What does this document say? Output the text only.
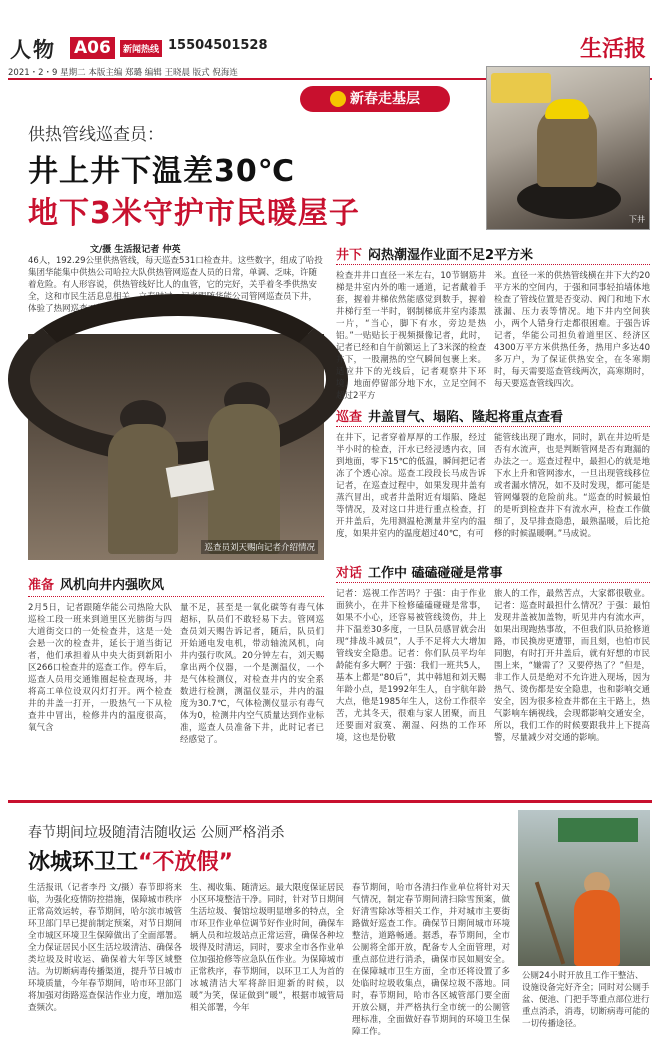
人物 A06	新闻热线 15504501528	生活报
2021・2・9 星期二 本版主编 郑璐 编辑 王晓晨 版式 倪海连
新春走基层
供热管线巡查员：
井上井下温差30℃
地下3米守护市民暖屋子	下井
文/摄 生活报记者 仲英
46人，192.29公里供热管线，每天巡查531口检查井。这些数字，组成了哈投集团华能集中供热公司哈拉大队供热管网巡查人员的日常，单调、乏味，许随着危险。有人形容说，供热管线好比人的血管，它的完好，关乎着冬季供热安全，这和市民生活息息相关，立春时过，记者跟随华能公司管网巡查员下井，体验了热网巡查工作的艰辛和付出。
巡查员刘天赐向记者介绍情况
准备 风机向井内强吹风
2月5日，记者跟随华能公司热险大队巡检工段一班来到道里区光膀街与四大道街交口的一处检查井，这是一处会悬一次的检查井，延长于道当街记者，他们承担着从中央大街到新阳小区266口检查井的巡查工作。停车后，巡查人员用交通锥圈起检查现场，井将高工单位设双闪灯打开。两个检查井的井盖一打开，一股热气一下从检查井中冒出，检修井内的温度很高，氧气含
量不足，甚至是一氧化碳等有毒气体超标，队员们不敢轻易下去。管网巡查员刘天赐告诉记者，随后，队员们开始通电发电机，带动轴流风机，向井内强行吹风。20分钟左右，刘天赐拿出两个仪器，一个是测温仪，一个是气体检测仪，对检查井内的安全系数进行检测，测温仪显示，井内的温度为30.7℃，气体检测仪显示有毒气体为0，检测井内空气质量达到作业标准，巡查人员准备下井，此时记者已经感觉了。
井下 闷热潮湿作业面不足2平方米
检查井井口直径一米左右，10节钢筋井梯是井室内外的唯一通道，记者戴着手套，握着井梯依然能感觉到数手，握着井梯行至一半时，钢制梯底井室内漆黑一片，“当心，脚下有水，旁边是热铝。”一贴贴长于视频摄像记者，此时，记者已经和自午前额运上了3米深的检查井下，一股潮热的空气瞬间包裹上来。适应井下的光线后，记者观察井下环境，地面停留部分地下水，立足空间不超过2平方
米。直径一米的供热管线横在井下大约20平方米的空间内，于强和同事轻拍墙体地检查了管线位置是否变动、阀门和地下水涨漏、压力表等情况。地下井内空间狭小，两个人错身行走都很困难。于强告诉记者，华能公司担负着道里区、经济区4300万平方米供热任务，热用户多达40多万户，为了保证供热安全，在冬寒期时，每天需要巡查管线两次，高寒期时，每天要巡查管线四次。
巡查 井盖冒气、塌陷、隆起将重点查看
在井下，记者穿着厚厚的工作服，经过半小时的检查，汗水已经浸透内衣，回到地面，零下15℃的低温，瞬间把记者冻了个透心凉。巡查工段段长马成告诉记者，在巡查过程中，如果发现井盖有蒸汽冒出，或者井盖附近有塌陷、隆起等情况，及对这口井进行重点检查，打开井盖后，先用测温枪测量井室内的温度，如果井室内的温度超过40℃，有可
能管线出现了跑水，同时，趴在井边听是否有水流声，也是判断管网是否有跑漏的办法之一。巡查过程中，最担心的就是地下水上升和管网渗水，一旦出现管线移位或者漏水情况，如不及时发现，都可能是管网爆裂的危险前兆。“巡查的时候最怕的是听到检查井下有流水声，检查工作做细了，及早排查隐患，最熟温暖，后比抢修的时候温暖啊。”马成说。
对话 工作中 磕磕碰碰是常事
记者：巡视工作苦吗？于强：由于作业面狭小，在井下检修磕磕碰碰是常事，如果不小心，还容易被管线烫伤，井上井下温差30多度，一旦队员感冒就会出现“排战斗减员”，人手不足将大大增加管线安全隐患。记者：你们队员平均年龄能有多大啊？于强：我们一班共5人，基本上都是“80后”，其中韩旭和刘天赐年龄小点，是1992年生人，自宇航年龄大点，他是1985年生人，这份工作很辛苦，尤其冬天，很难与家人团聚，而且还要面对寂寞、潮湿、闷热的工作环境，这也是份敬
旅人的工作，最然苦点，大家都很敬业。记者：巡查时最担什么情况？于强：最怕发现井盖被加盖物，听见井内有流水声，如果出现跑热事故，不但我们队员抢修道路，市民换房更遭罪，而且刻，也怕市民同胞，有时打开井盖后，就有好想的市民围上来，“嫌需了？又要停热了？”但是，非工作人员是绝对不允许进入现场，因为热气、烫伤都是安全隐患，也和影响交通安全，因为很多检查井都在主干路上，热气影响车辆视线，会现都影响交通安全，所以，我们工作的时候要跟我井上下提高警，尽量减少对交通的影响。
春节期间垃圾随清洁随收运 公厕严格消杀
冰城环卫工“不放假”
生活报讯（记者李丹 文/摄）春节即将来临，为强化疫情防控措施，保障城市秩序正常高效运转，春节期间，哈尔滨市城管环卫部门早已提前制定预案，对节日期间全市城区环境卫生保障做出了全面部署。全力保证居民小区生活垃圾清洁、确保各类垃圾及时收运、确保着大年等区域整洁。为切断病毒传播渠道，提升节日城市环境质量，今年春节期间，哈市环卫部门将加强对街路巡查保洁作业力度，增加巡查频次。
生、褐收集、随清运。最大限度保证居民小区环境整洁干净。同时，针对节日期间生活垃圾、餐馆垃圾明显增多的特点，全市环卫作业单位调节好作业时间，确保车辆人员和垃圾站点正常运营，确保各种垃圾得及时清运，同时，要求全市各作业单位加强抢修等应急队伍作业。为保障城市正常秩序，春节期间，以环卫工人为首的冰城清洁大军将辞旧迎新的时候，以暖”为笑，保证做到“暖”，根据市城管局相关部署，今年
春节期间，哈市各清扫作业单位将针对天气情况，制定春节期间清扫除雪预案，做好清雪除冰等相关工作，并对城市主要街路做好巡查工作。确保节日期间城市环境整洁，道路畅通。据悉，春节期间，全市公厕将全部开放，配备专人全面管理，对重点部位进行消杀，确保市民如厕安全。在保障城市卫生方面，全市还将设置了多处临时垃圾收集点，确保垃圾不落地。同时，春节期间，哈市各区城管部门要全面开放公厕，并严格执行全市统一的公厕管理标准，全面做好春节期间的环境卫生保障工作。
公厕24小时开放且工作干整洁、设施设备完好齐全；同时对公厕手盆、便池、门把手等重点部位进行重点消杀，消毒，切断病毒可能的一切传播途径。
